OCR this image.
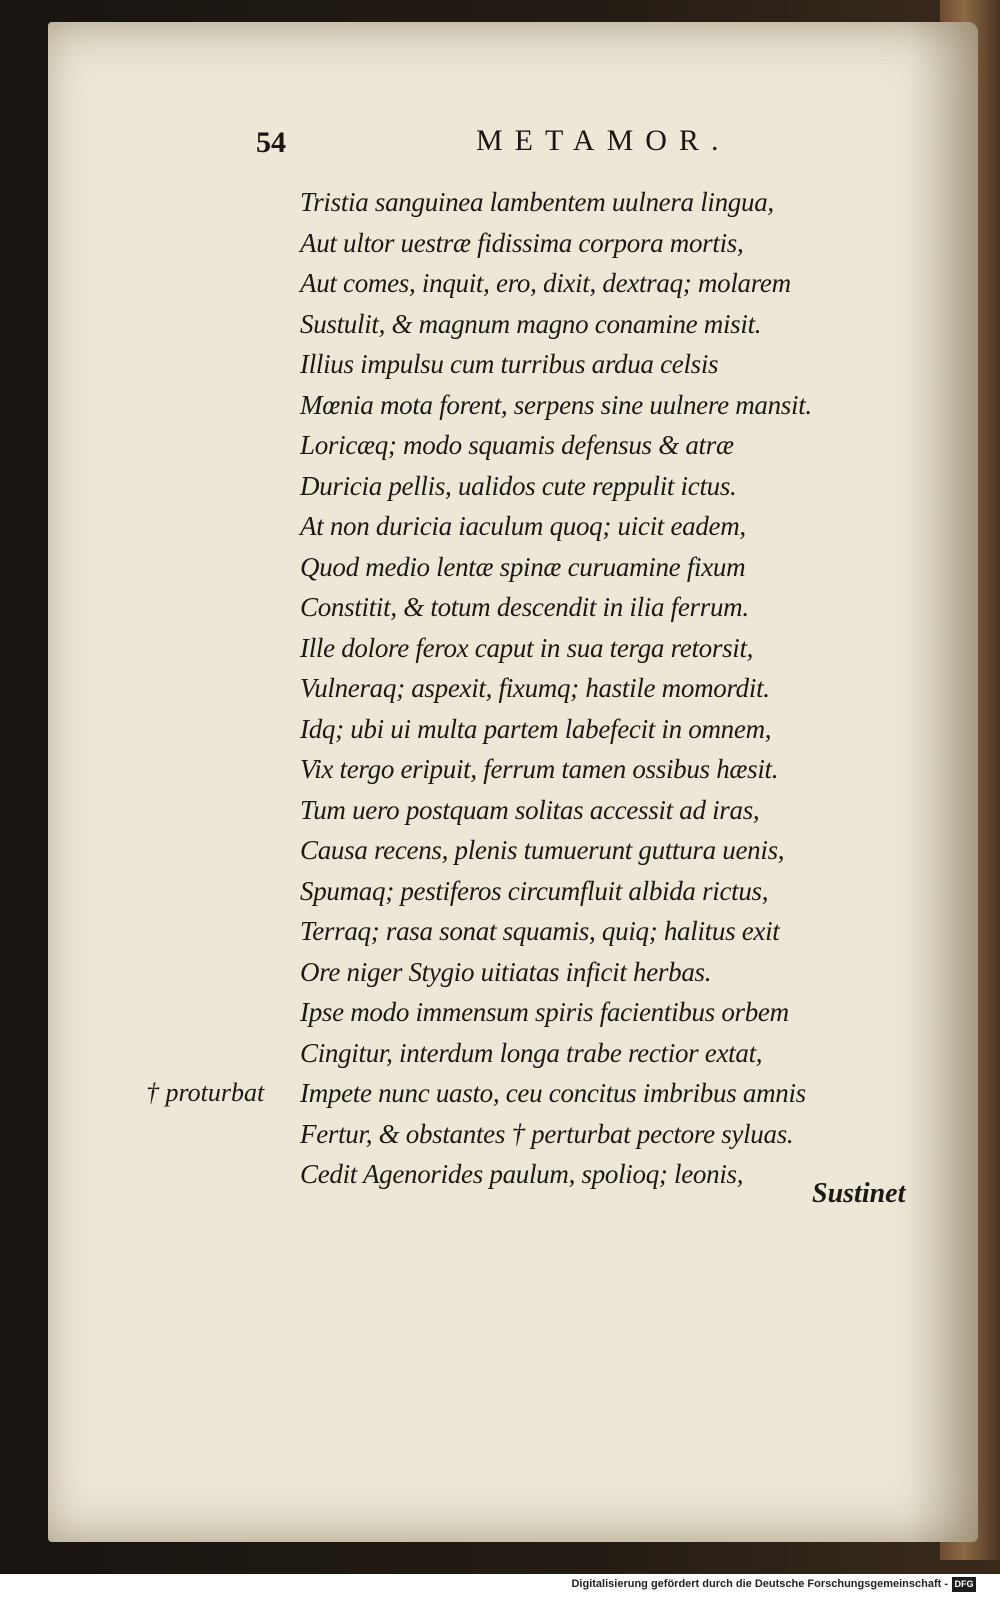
54	METAMOR.
Tristia sanguinea lambentem uulnera lingua,
Aut ultor uestræ fidissima corpora mortis,
Aut comes, inquit, ero, dixit, dextraq; molarem
Sustulit, & magnum magno conamine misit.
Illius impulsu cum turribus ardua celsis
Mœnia mota forent, serpens sine uulnere mansit.
Loricæq; modo squamis defensus & atræ
Duricia pellis, ualidos cute reppulit ictus.
At non duricia iaculum quoq; uicit eadem,
Quod medio lentæ spinæ curuamine fixum
Constitit, & totum descendit in ilia ferrum.
Ille dolore ferox caput in sua terga retorsit,
Vulneraq; aspexit, fixumq; hastile momordit.
Idq; ubi ui multa partem labefecit in omnem,
Vix tergo eripuit, ferrum tamen ossibus hæsit.
Tum uero postquam solitas accessit ad iras,
Causa recens, plenis tumuerunt guttura uenis,
Spumaq; pestiferos circumfluit albida rictus,
Terraq; rasa sonat squamis, quiq; halitus exit
Ore niger Stygio uitiatas inficit herbas.
Ipse modo immensum spiris facientibus orbem
Cingitur, interdum longa trabe rectior extat,
Impete nunc uasto, ceu concitus imbribus amnis
Fertur, & obstantes † perturbat pectore syluas.
Cedit Agenorides paulum, spolioq; leonis,
† proturbat
Sustinet
Digitalisierung gefördert durch die Deutsche Forschungsgemeinschaft - DFG
